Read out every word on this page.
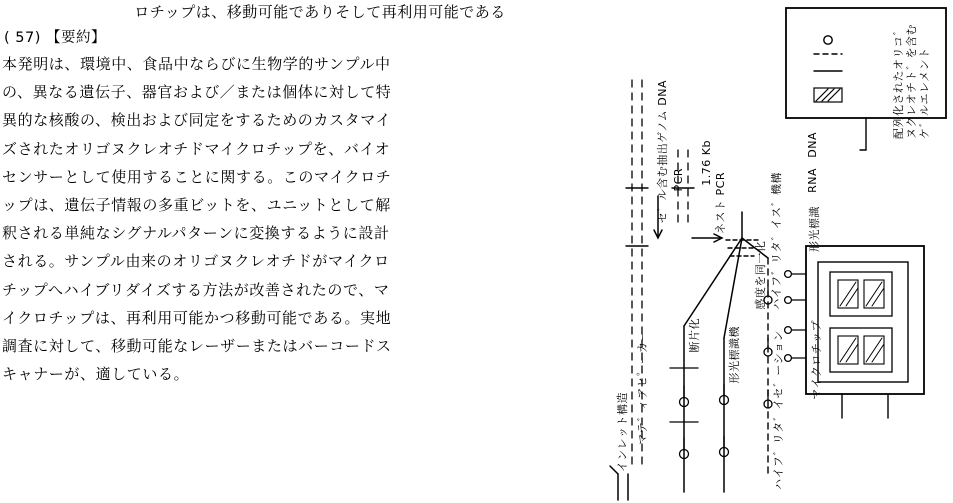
ロチップは、移動可能でありそして再利用可能である
( 57) 【要約】
本発明は、環境中、食品中ならびに生物学的サンプル中
の、異なる遺伝子、器官および／または個体に対して特
異的な核酸の、検出および同定をするためのカスタマイ
ズされたオリゴヌクレオチドマイクロチップを、バイオ
センサーとして使用することに関する。このマイクロチ
ップは、遺伝子情報の多重ビットを、ユニットとして解
釈される単純なシグナルパターンに変換するように設計
される。サンプル由来のオリゴヌクレオチドがマイクロ
チップへハイブリダイズする方法が改善されたので、マ
イクロチップは、再利用可能かつ移動可能である。実地
調査に対して、移動可能なレーザーまたはバーコードス
キャナーが、適している。
セ゛ル含む抽出ゲノム DNA	1.76 Kb
PCR	ネスト PCR
マテ゛ィアヒ゜ーカー
インレット構造
断片化 形光標識機	ハイフ゛リタ゛イセ゛ーション
感度を同一化
ハイフ゛リタ゛イス゛機構
DNA
RNA
形光標識
配列化されたオリコ゛
ヌクレオチト゛を含む
ケ゛ルエレメント
マイクロチップ
